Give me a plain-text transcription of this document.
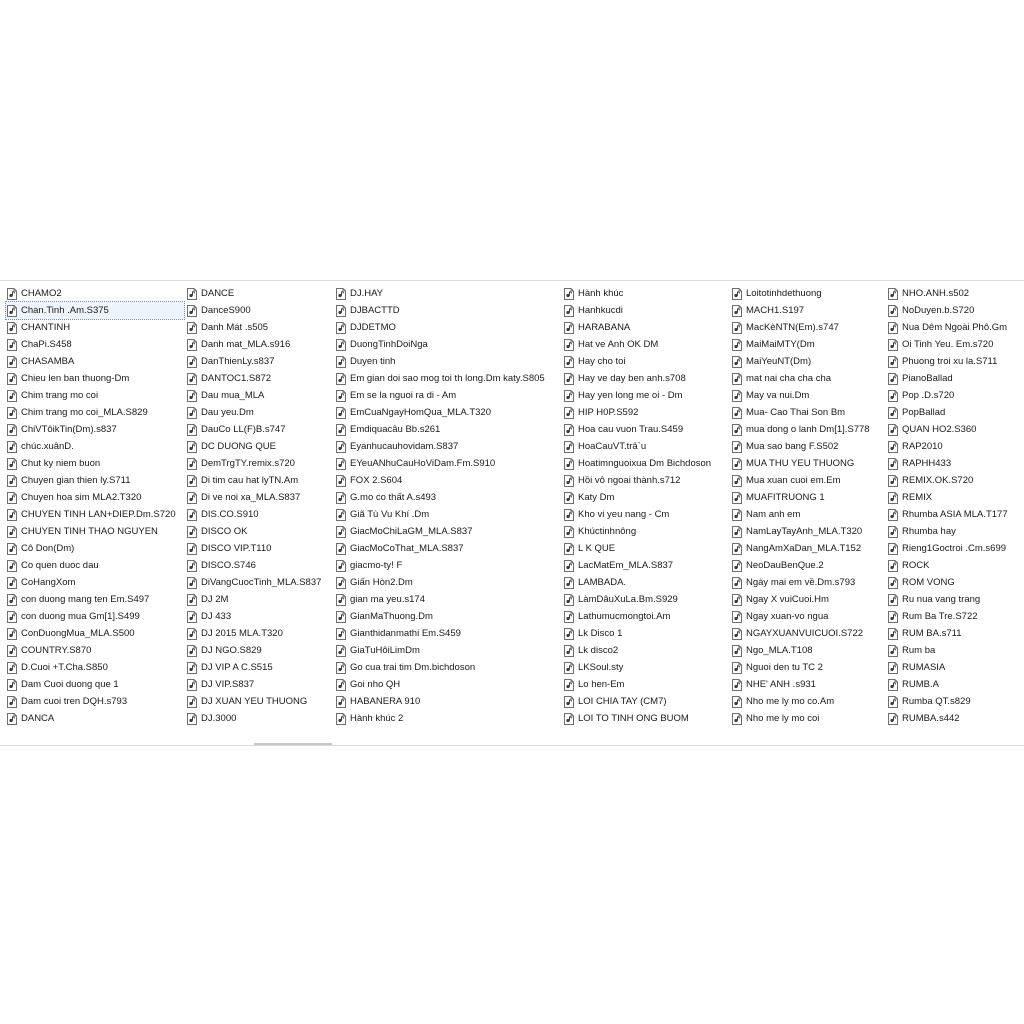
CHAMO2
Chan.Tinh .Am.S375
CHANTINH
ChaPi.S458
CHASAMBA
Chieu len ban thuong-Dm
Chim trang mo coi
Chim trang mo coi_MLA.S829
ChiVTôikTin(Dm).s837
chúc.xuânD.
Chut ky niem buon
Chuyen gian thien ly.S711
Chuyen hoa sim MLA2.T320
CHUYEN TINH LAN+DIEP.Dm.S720
CHUYEN TINH THAO NGUYEN
Cô Don(Dm)
Co quen duoc dau
CoHangXom
con duong mang ten Em.S497
con duong mua Gm[1].S499
ConDuongMua_MLA.S500
COUNTRY.S870
D.Cuoi +T.Cha.S850
Dam Cuoi duong que 1
Dam cuoi tren DQH.s793
DANCA
DANCE
DanceS900
Danh Mát .s505
Danh mat_MLA.s916
DanThienLy.s837
DANTOC1.S872
Dau mua_MLA
Dau yeu.Dm
DauCo LL(F)B.s747
DC DUONG QUE
DemTrgTY.remix.s720
Di tim cau hat lyTN.Am
Di ve noi xa_MLA.S837
DIS.CO.S910
DISCO OK
DISCO VIP.T110
DISCO.S746
DiVangCuocTinh_MLA.S837
DJ 2M
DJ 433
DJ 2015 MLA.T320
DJ NGO.S829
DJ VIP A C.S515
DJ VIP.S837
DJ XUAN YEU THUONG
DJ.3000
DJ.HAY
DJBACTTD
DJDETMO
DuongTinhDoiNga
Duyen tinh
Em gian doi sao mog toi th long.Dm katy.S805
Em se la nguoi ra di - Am
EmCuaNgayHomQua_MLA.T320
Emdiquacâu Bb.s261
Eyanhucauhovidam.S837
EYeuANhuCauHoViDam.Fm.S910
FOX 2.S604
G.mo co thất A.s493
Giã Tù Vu Khí .Dm
GiacMoChiLaGM_MLA.S837
GiacMoCoThat_MLA.S837
giacmo-ty! F
Giấn Hòn2.Dm
gian ma yeu.s174
GianMaThuong.Dm
Gianthidanmathi Em.S459
GiaTuHôiLimDm
Go cua trai tim Dm.bichdoson
Goi nho QH
HABANERA 910
Hành khúc 2
Hành khúc
Hanhkucdi
HARABANA
Hat ve Anh OK DM
Hay cho toi
Hay ve day ben anh.s708
Hay yen long me oi - Dm
HIP H0P.S592
Hoa cau vuon Trau.S459
HoaCauVT.trâ`u
Hoatimnguoixua Dm Bichdoson
Hồi vô ngoai thành.s712
Katy Dm
Kho vi yeu nang - Cm
Khúctinhnông
L K QUE
LacMatEm_MLA.S837
LAMBADA.
LàmDâuXuLa.Bm.S929
Lathumucmongtoi.Am
Lk Disco 1
Lk disco2
LKSoul.sty
Lo hen-Em
LOI CHIA TAY (CM7)
LOI TO TINH ONG BUOM
Loitotinhdethuong
MACH1.S197
MacKèNTN(Em).s747
MaiMaiMTY(Dm
MaiYeuNT(Dm)
mat nai cha cha cha
May va nui.Dm
Mua- Cao Thai Son Bm
mua dong o lanh Dm[1].S778
Mua sao bang F.S502
MUA THU YEU THUONG
Mua xuan cuoi em.Em
MUAFITRUONG 1
Nam anh em
NamLayTayAnh_MLA.T320
NangAmXaDan_MLA.T152
NeoDauBenQue.2
Ngày mai em về.Dm.s793
Ngay X vuiCuoi.Hm
Ngay xuan-vo ngua
NGAYXUANVUICUOI.S722
Ngo_MLA.T108
Nguoi den tu TC 2
NHE' ANH .s931
Nho me ly mo co.Am
Nho me ly mo coi
NHO.ANH.s502
NoDuyen.b.S720
Nua Dêm Ngoài Phô.Gm
Oi Tinh Yeu. Em.s720
Phuong troi xu la.S711
PianoBallad
Pop .D.s720
PopBallad
QUAN HO2.S360
RAP2010
RAPHH433
REMIX.OK.S720
REMIX
Rhumba ASIA MLA.T177
Rhumba hay
Rieng1Goctroi .Cm.s699
ROCK
ROM VONG
Ru nua vang trang
Rum Ba Tre.S722
RUM BA.s711
Rum ba
RUMASIA
RUMB.A
Rumba QT.s829
RUMBA.s442
